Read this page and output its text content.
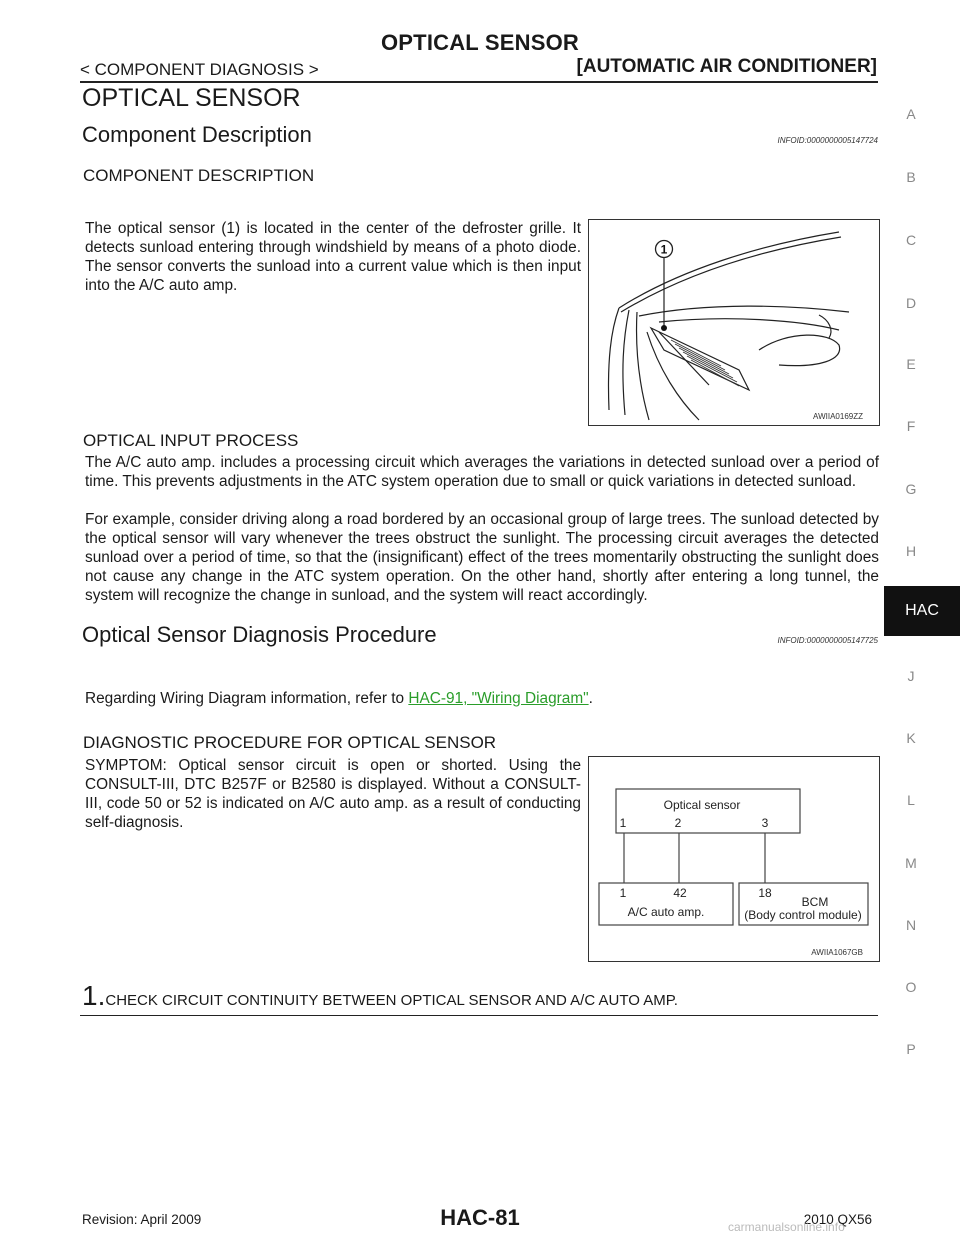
OPTICAL SENSOR
< COMPONENT DIAGNOSIS >	[AUTOMATIC AIR CONDITIONER]
OPTICAL SENSOR
Component Description	INFOID:0000000005147724
COMPONENT DESCRIPTION
The optical sensor (1) is located in the center of the defroster grille. It detects sunload entering through windshield by means of a photo diode. The sensor converts the sunload into a current value which is then input into the A/C auto amp.
1
AWIIA0169ZZ
OPTICAL INPUT PROCESS
The A/C auto amp. includes a processing circuit which averages the variations in detected sunload over a period of time. This prevents adjustments in the ATC system operation due to small or quick variations in detected sunload.
For example, consider driving along a road bordered by an occasional group of large trees. The sunload detected by the optical sensor will vary whenever the trees obstruct the sunlight. The processing circuit averages the detected sunload over a period of time, so that the (insignificant) effect of the trees momentarily obstructing the sunlight does not cause any change in the ATC system operation. On the other hand, shortly after entering a long tunnel, the system will recognize the change in sunload, and the system will react accordingly.
Optical Sensor Diagnosis Procedure	INFOID:0000000005147725
Regarding Wiring Diagram information, refer to HAC-91, "Wiring Diagram".
DIAGNOSTIC PROCEDURE FOR OPTICAL SENSOR
SYMPTOM: Optical sensor circuit is open or shorted. Using the CONSULT-III, DTC B257F or B2580 is displayed. Without a CONSULT-III, code 50 or 52 is indicated on A/C auto amp. as a result of conducting self-diagnosis.
Optical sensor
1	2	3
1	42
A/C auto amp.
18
BCM
(Body control module)
AWIIA1067GB
1. CHECK CIRCUIT CONTINUITY BETWEEN OPTICAL SENSOR AND A/C AUTO AMP.
A
B
C
D
E
F
G
H
HAC
J
K
L
M
N
O
P
Revision: April 2009	HAC-81	2010 QX56
carmanualsonline.info
